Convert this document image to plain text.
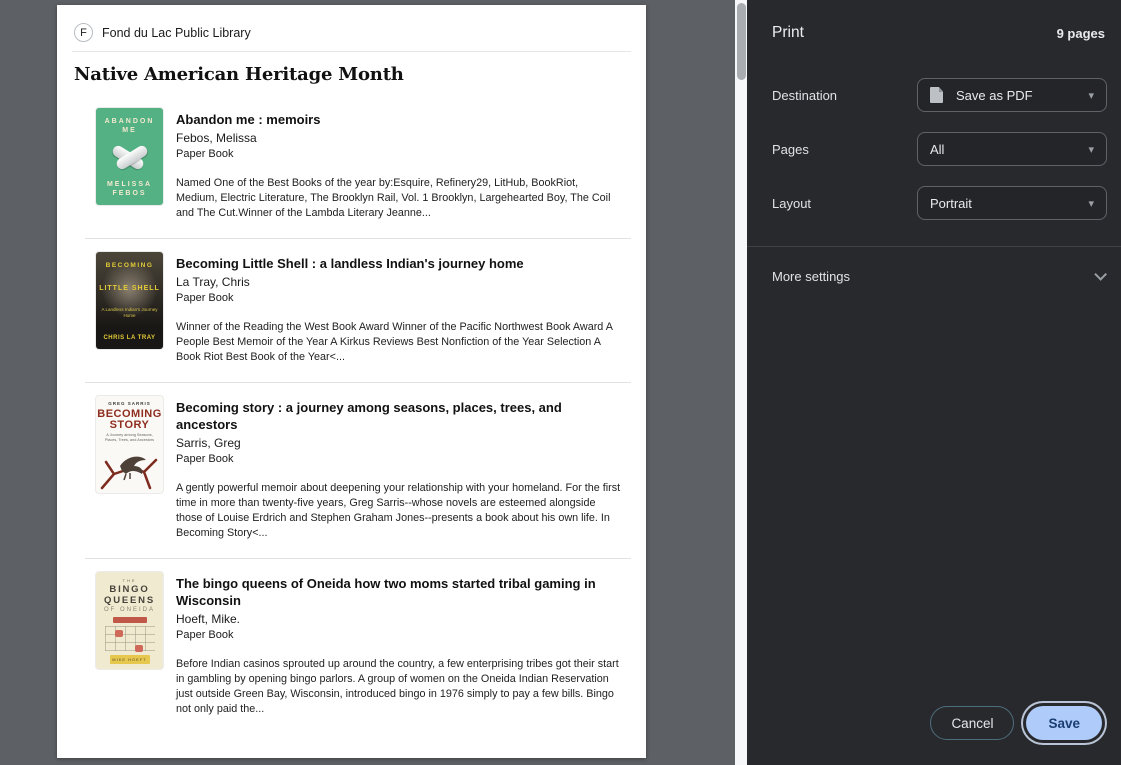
F	Fond du Lac Public Library
Native American Heritage Month
ABANDON ME
MELISSA FEBOS
Abandon me : memoirs
Febos, Melissa
Paper Book
Named One of the Best Books of the year by:Esquire, Refinery29, LitHub, BookRiot, Medium, Electric Literature, The Brooklyn Rail, Vol. 1 Brooklyn, Largehearted Boy, The Coil and The Cut.Winner of the Lambda Literary Jeanne...
BECOMING
LITTLE SHELL
A Landless Indian's Journey Home
CHRIS LA TRAY
Becoming Little Shell : a landless Indian's journey home
La Tray, Chris
Paper Book
Winner of the Reading the West Book Award Winner of the Pacific Northwest Book Award A People Best Memoir of the Year A Kirkus Reviews Best Nonfiction of the Year Selection A Book Riot Best Book of the Year<...
GREG SARRIS
BECOMING
STORY
A Journey among Seasons, Places, Trees, and Ancestors
Becoming story : a journey among seasons, places, trees, and ancestors
Sarris, Greg
Paper Book
A gently powerful memoir about deepening your relationship with your homeland. For the first time in more than twenty-five years, Greg Sarris--whose novels are esteemed alongside those of Louise Erdrich and Stephen Graham Jones--presents a book about his own life. In Becoming Story<...
THE
BINGO
QUEENS
OF ONEIDA
MIKE HOEFT
The bingo queens of Oneida how two moms started tribal gaming in Wisconsin
Hoeft, Mike.
Paper Book
Before Indian casinos sprouted up around the country, a few enterprising tribes got their start in gambling by opening bingo parlors. A group of women on the Oneida Indian Reservation just outside Green Bay, Wisconsin, introduced bingo in 1976 simply to pay a few bills. Bingo not only paid the...
Print	9 pages
Destination	Save as PDF	▾
Pages	All	▾
Layout	Portrait	▾
More settings
Cancel	Save
